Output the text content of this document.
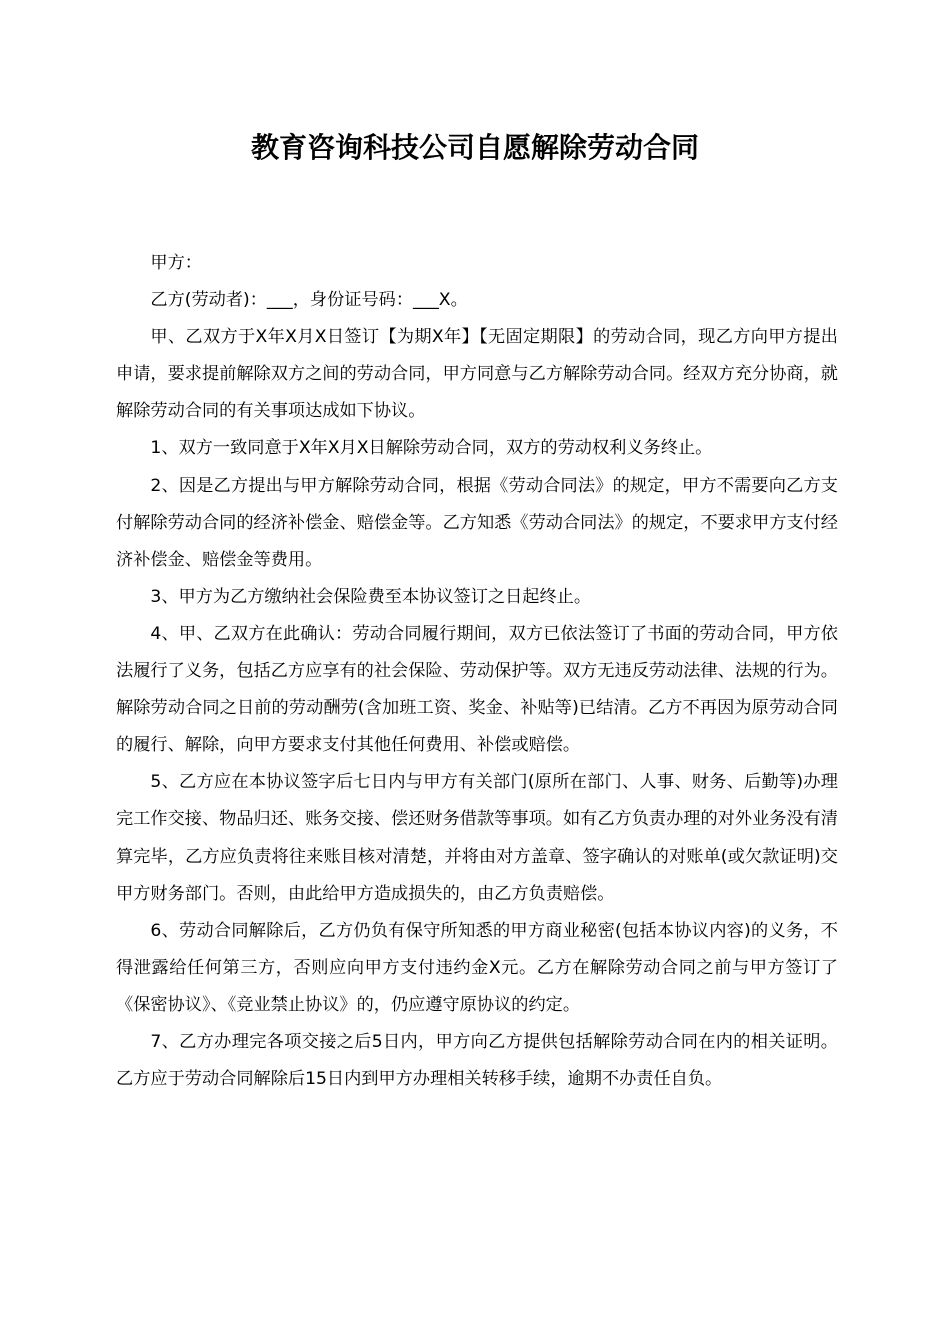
教育咨询科技公司自愿解除劳动合同

甲方：

乙方(劳动者)：___，身份证号码：___X。

甲、乙双方于X年X月X日签订【为期X年】【无固定期限】的劳动合同，现乙方向甲方提出申请，要求提前解除双方之间的劳动合同，甲方同意与乙方解除劳动合同。经双方充分协商，就解除劳动合同的有关事项达成如下协议。

1、双方一致同意于X年X月X日解除劳动合同，双方的劳动权利义务终止。

2、因是乙方提出与甲方解除劳动合同，根据《劳动合同法》的规定，甲方不需要向乙方支付解除劳动合同的经济补偿金、赔偿金等。乙方知悉《劳动合同法》的规定，不要求甲方支付经济补偿金、赔偿金等费用。

3、甲方为乙方缴纳社会保险费至本协议签订之日起终止。

4、甲、乙双方在此确认：劳动合同履行期间，双方已依法签订了书面的劳动合同，甲方依法履行了义务，包括乙方应享有的社会保险、劳动保护等。双方无违反劳动法律、法规的行为。解除劳动合同之日前的劳动酬劳(含加班工资、奖金、补贴等)已结清。乙方不再因为原劳动合同的履行、解除，向甲方要求支付其他任何费用、补偿或赔偿。

5、乙方应在本协议签字后七日内与甲方有关部门(原所在部门、人事、财务、后勤等)办理完工作交接、物品归还、账务交接、偿还财务借款等事项。如有乙方负责办理的对外业务没有清算完毕，乙方应负责将往来账目核对清楚，并将由对方盖章、签字确认的对账单(或欠款证明)交甲方财务部门。否则，由此给甲方造成损失的，由乙方负责赔偿。

6、劳动合同解除后，乙方仍负有保守所知悉的甲方商业秘密(包括本协议内容)的义务，不得泄露给任何第三方，否则应向甲方支付违约金X元。乙方在解除劳动合同之前与甲方签订了《保密协议》、《竞业禁止协议》的，仍应遵守原协议的约定。

7、乙方办理完各项交接之后5日内，甲方向乙方提供包括解除劳动合同在内的相关证明。乙方应于劳动合同解除后15日内到甲方办理相关转移手续，逾期不办责任自负。
